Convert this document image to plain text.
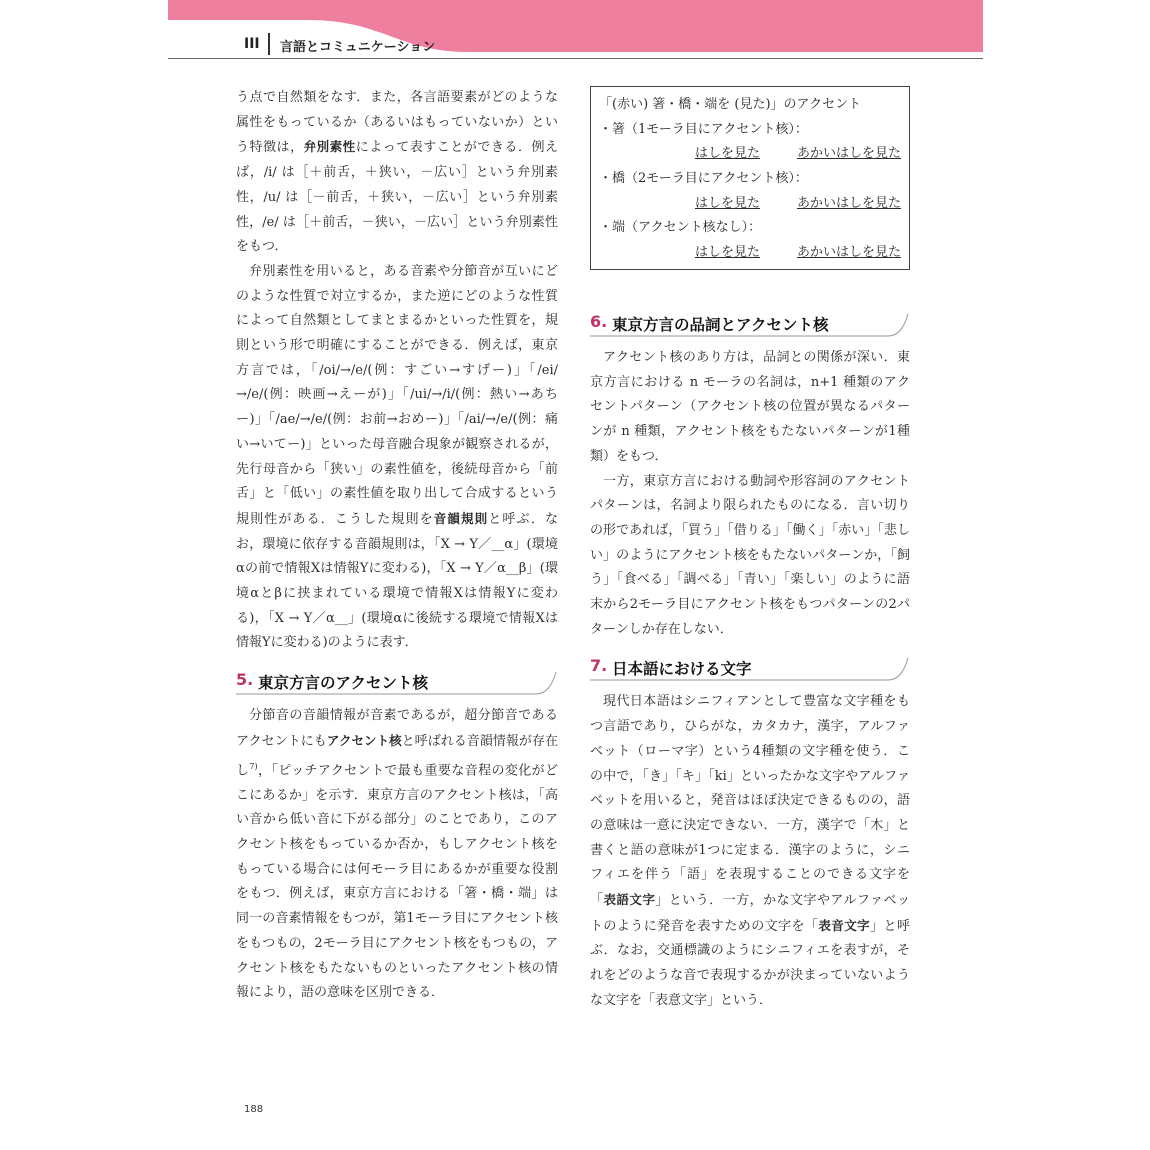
III 言語とコミュニケーション

う点で自然類をなす．また，各言語要素がどのような属性をもっているか（あるいはもっていないか）という特徴は，弁別素性によって表すことができる．例えば，/i/ は［＋前舌，＋狭い，－広い］という弁別素性，/u/ は［－前舌，＋狭い，－広い］という弁別素性，/e/ は［＋前舌，－狭い，－広い］という弁別素性をもつ．

弁別素性を用いると，ある音素や分節音が互いにどのような性質で対立するか，また逆にどのような性質によって自然類としてまとまるかといった性質を，規則という形で明確にすることができる．例えば，東京方言では，「/oi/→/e/(例：すごい→すげー)」「/ei/→/e/(例：映画→えーが)」「/ui/→/i/(例：熱い→あちー)」「/ae/→/e/(例：お前→おめー)」「/ai/→/e/(例：痛い→いてー)」といった母音融合現象が観察されるが，先行母音から「狭い」の素性値を，後続母音から「前舌」と「低い」の素性値を取り出して合成するという規則性がある．こうした規則を音韻規則と呼ぶ．なお，環境に依存する音韻規則は，「X → Y／__α」(環境αの前で情報Xは情報Yに変わる)，「X → Y／α__β」(環境αとβに挟まれている環境で情報Xは情報Yに変わる)，「X → Y／α__」(環境αに後続する環境で情報Xは情報Yに変わる)のように表す．

5. 東京方言のアクセント核

分節音の音韻情報が音素であるが，超分節音であるアクセントにもアクセント核と呼ばれる音韻情報が存在し$^{7)}$，「ピッチアクセントで最も重要な音程の変化がどこにあるか」を示す．東京方言のアクセント核は，「高い音から低い音に下がる部分」のことであり，このアクセント核をもっているか否か，もしアクセント核をもっている場合には何モーラ目にあるかが重要な役割をもつ．例えば，東京方言における「箸・橋・端」は同一の音素情報をもつが，第1モーラ目にアクセント核をもつもの，2モーラ目にアクセント核をもつもの，アクセント核をもたないものといったアクセント核の情報により，語の意味を区別できる．

「(赤い) 箸・橋・端を (見た)」のアクセント
・箸（1モーラ目にアクセント核）：
はしを見た	あかいはしを見た
・橋（2モーラ目にアクセント核）：
はしを見た	あかいはしを見た
・端（アクセント核なし）：
はしを見た	あかいはしを見た
6. 東京方言の品詞とアクセント核

アクセント核のあり方は，品詞との関係が深い．東京方言における n モーラの名詞は，n+1 種類のアクセントパターン（アクセント核の位置が異なるパターンが n 種類，アクセント核をもたないパターンが1種類）をもつ．

一方，東京方言における動詞や形容詞のアクセントパターンは，名詞より限られたものになる．言い切りの形であれば，「買う」「借りる」「働く」「赤い」「悲しい」のようにアクセント核をもたないパターンか，「飼う」「食べる」「調べる」「青い」「楽しい」のように語末から2モーラ目にアクセント核をもつパターンの2パターンしか存在しない．

7. 日本語における文字

現代日本語はシニフィアンとして豊富な文字種をもつ言語であり，ひらがな，カタカナ，漢字，アルファベット（ローマ字）という4種類の文字種を使う．この中で，「き」「キ」「ki」といったかな文字やアルファベットを用いると，発音はほぼ決定できるものの，語の意味は一意に決定できない．一方，漢字で「木」と書くと語の意味が1つに定まる．漢字のように，シニフィエを伴う「語」を表現することのできる文字を「表語文字」という．一方，かな文字やアルファベットのように発音を表すための文字を「表音文字」と呼ぶ．なお，交通標識のようにシニフィエを表すが，それをどのような音で表現するかが決まっていないような文字を「表意文字」という．

188
